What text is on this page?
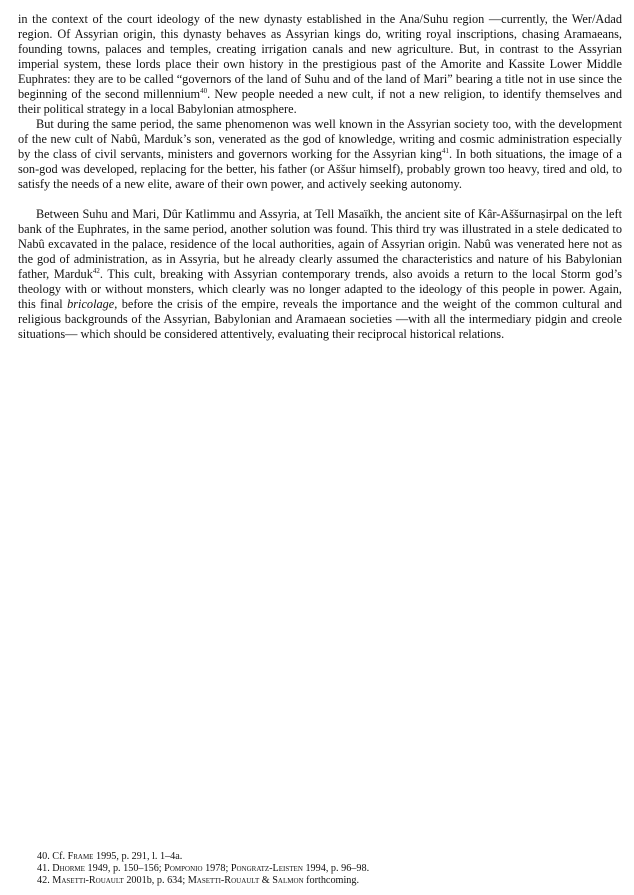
in the context of the court ideology of the new dynasty established in the Ana/Suhu region —currently, the Wer/Adad region. Of Assyrian origin, this dynasty behaves as Assyrian kings do, writing royal inscriptions, chasing Aramaeans, founding towns, palaces and temples, creating irrigation canals and new agriculture. But, in contrast to the Assyrian imperial system, these lords place their own history in the prestigious past of the Amorite and Kassite Lower Middle Euphrates: they are to be called “governors of the land of Suhu and of the land of Mari” bearing a title not in use since the beginning of the second millennium$^{40}$. New people needed a new cult, if not a new religion, to identify themselves and their political strategy in a local Babylonian atmosphere.

But during the same period, the same phenomenon was well known in the Assyrian society too, with the development of the new cult of Nabû, Marduk’s son, venerated as the god of knowledge, writing and cosmic administration especially by the class of civil servants, ministers and governors working for the Assyrian king$^{41}$. In both situations, the image of a son-god was developed, replacing for the better, his father (or Aššur himself), probably grown too heavy, tired and old, to satisfy the needs of a new elite, aware of their own power, and actively seeking autonomy.

Between Suhu and Mari, Dûr Katlimmu and Assyria, at Tell Masaïkh, the ancient site of Kâr-Aššurnaṣirpal on the left bank of the Euphrates, in the same period, another solution was found. This third try was illustrated in a stele dedicated to Nabû excavated in the palace, residence of the local authorities, again of Assyrian origin. Nabû was venerated here not as the god of administration, as in Assyria, but he already clearly assumed the characteristics and nature of his Babylonian father, Marduk$^{42}$. This cult, breaking with Assyrian contemporary trends, also avoids a return to the local Storm god’s theology with or without monsters, which clearly was no longer adapted to the ideology of this people in power. Again, this final bricolage, before the crisis of the empire, reveals the importance and the weight of the common cultural and religious backgrounds of the Assyrian, Babylonian and Aramaean societies —with all the intermediary pidgin and creole situations— which should be considered attentively, evaluating their reciprocal historical relations.

40. Cf. Frame 1995, p. 291, l. 1–4a.
41. Dhorme 1949, p. 150–156; Pomponio 1978; Pongratz-Leisten 1994, p. 96–98.
42. Masetti-Rouault 2001b, p. 634; Masetti-Rouault & Salmon forthcoming.
